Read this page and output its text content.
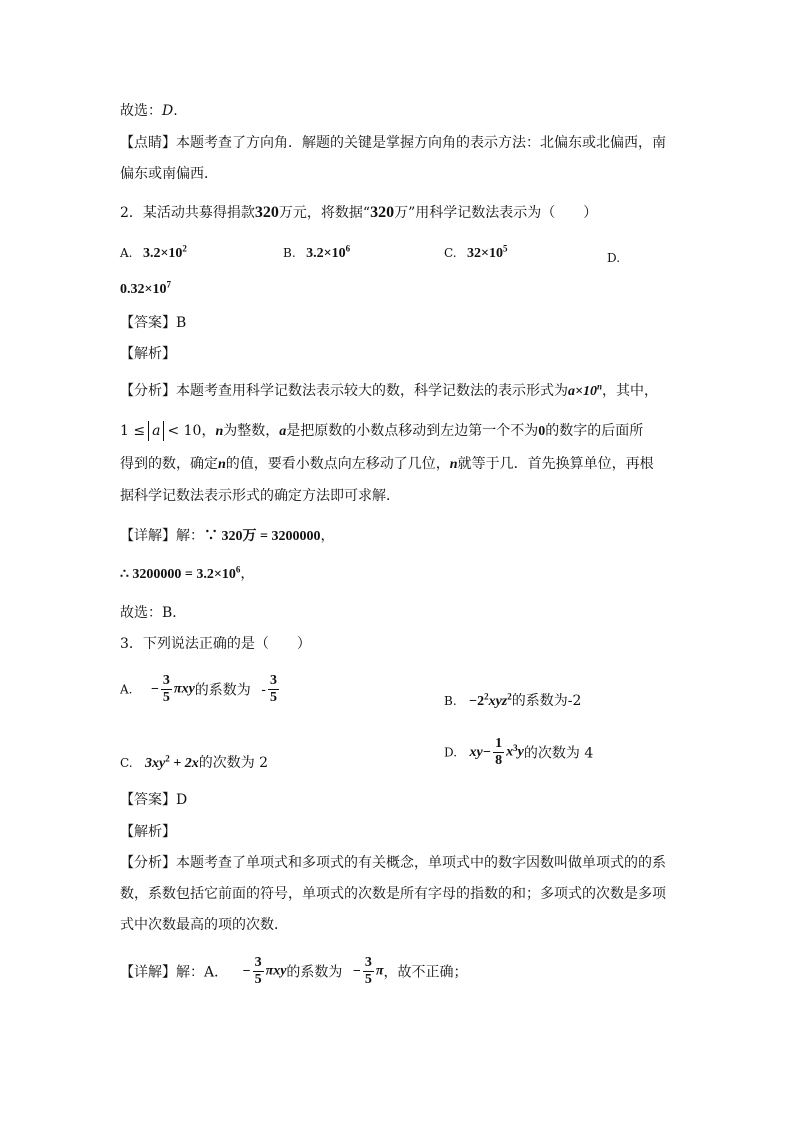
故选：D.
【点睛】本题考查了方向角．解题的关键是掌握方向角的表示方法：北偏东或北偏西，南
偏东或南偏西．
2．某活动共募得捐款320万元，将数据“320万”用科学记数法表示为（　　）
A. $3.2\times 10^2$	B. $3.2\times 10^6$	C. $32\times 10^5$
D.
$0.32\times 10^7$
【答案】B
【解析】
【分析】本题考查用科学记数法表示较大的数，科学记数法的表示形式为$a\times 10^n$，其中，
1 ≤ a < 10，n为整数，a是把原数的小数点移动到左边第一个不为0的数字的后面所
得到的数，确定n的值，要看小数点向左移动了几位，n就等于几．首先换算单位，再根
据科学记数法表示形式的确定方法即可求解．
【详解】解：∵ 320万 = 3200000，
∴ $3200000 = 3.2\times 10^6$，
故选：B．
3．下列说法正确的是（　　）
A. − $\frac{3}{5}$ πxy的系数为 - $\frac{3}{5}$	B. $-2^2xyz^2$的系数为-2
C. $3xy^2 + 2x$的次数为 2
D. $xy- \frac{1}{8} x^3y$的次数为 4
【答案】D
【解析】
【分析】本题考查了单项式和多项式的有关概念，单项式中的数字因数叫做单项式的的系
数，系数包括它前面的符号，单项式的次数是所有字母的指数的和；多项式的次数是多项
式中次数最高的项的次数．
【详解】解：A． − $\frac{3}{5}$ πxy的系数为 − $\frac{3}{5}$ π，故不正确；
